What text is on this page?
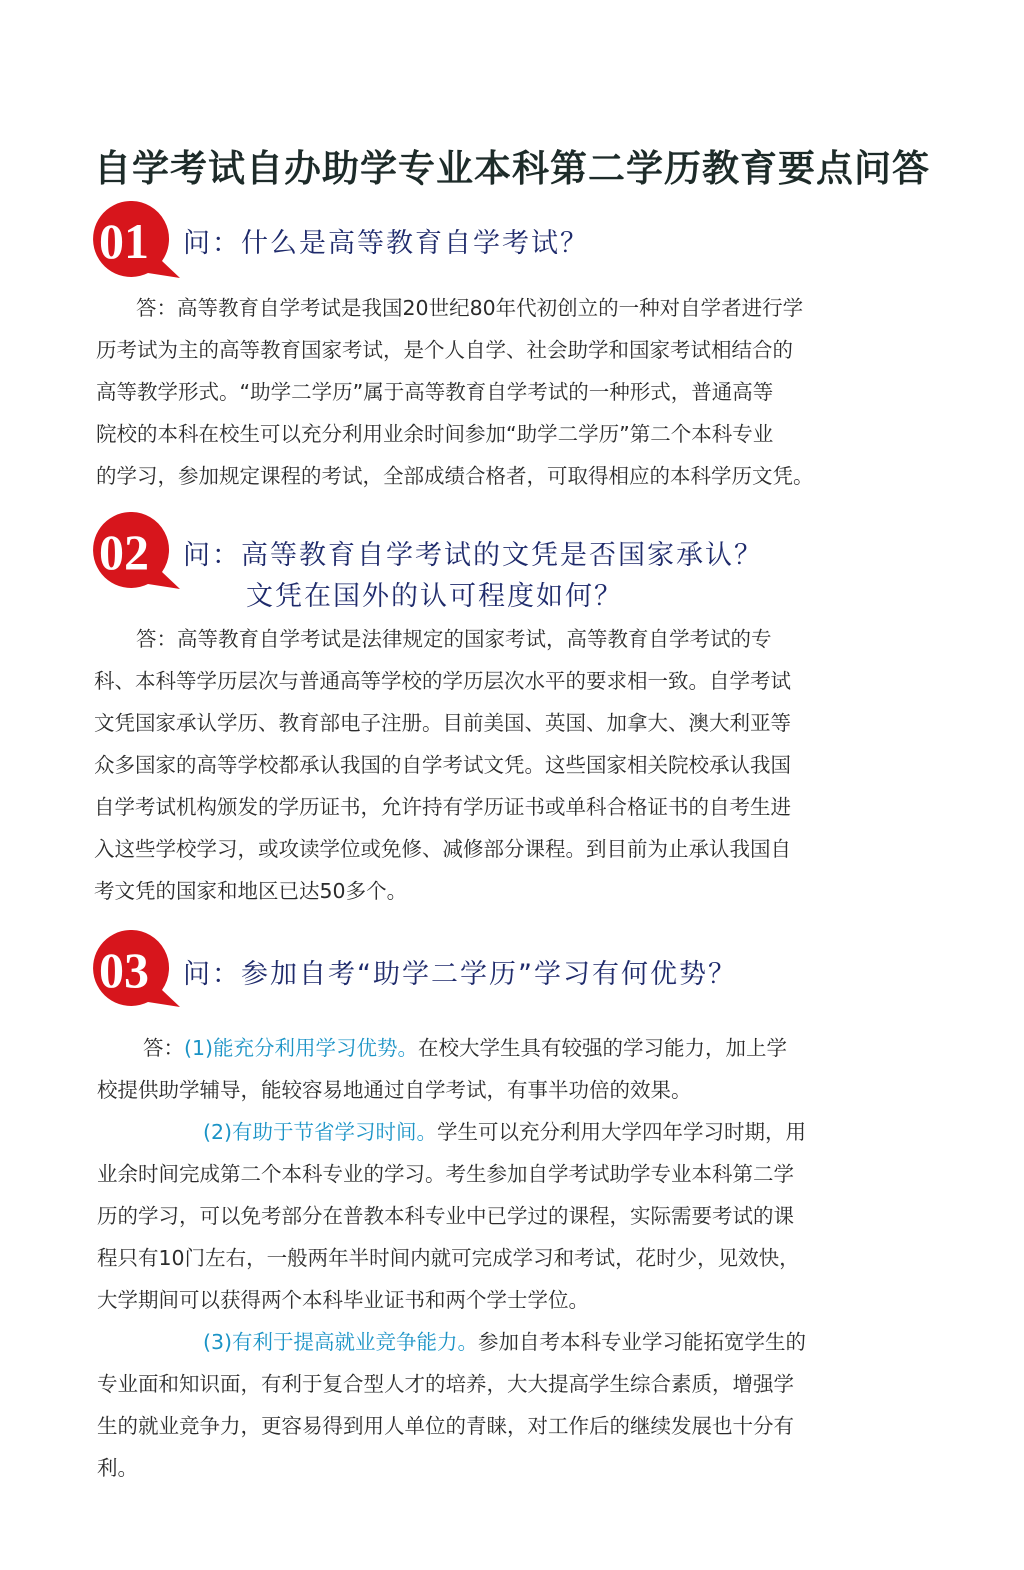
自学考试自办助学专业本科第二学历教育要点问答
01 问：什么是高等教育自学考试？
答：高等教育自学考试是我国20世纪80年代初创立的一种对自学者进行学
历考试为主的高等教育国家考试，是个人自学、社会助学和国家考试相结合的
高等教学形式。“助学二学历”属于高等教育自学考试的一种形式，普通高等
院校的本科在校生可以充分利用业余时间参加“助学二学历”第二个本科专业
的学习，参加规定课程的考试，全部成绩合格者，可取得相应的本科学历文凭。
02 问：高等教育自学考试的文凭是否国家承认？
文凭在国外的认可程度如何？
答：高等教育自学考试是法律规定的国家考试，高等教育自学考试的专
科、本科等学历层次与普通高等学校的学历层次水平的要求相一致。自学考试
文凭国家承认学历、教育部电子注册。目前美国、英国、加拿大、澳大利亚等
众多国家的高等学校都承认我国的自学考试文凭。这些国家相关院校承认我国
自学考试机构颁发的学历证书，允许持有学历证书或单科合格证书的自考生进
入这些学校学习，或攻读学位或免修、减修部分课程。到目前为止承认我国自
考文凭的国家和地区已达50多个。
03 问：参加自考“助学二学历”学习有何优势？
答：(1)能充分利用学习优势。在校大学生具有较强的学习能力，加上学
校提供助学辅导，能较容易地通过自学考试，有事半功倍的效果。
(2)有助于节省学习时间。学生可以充分利用大学四年学习时期，用
业余时间完成第二个本科专业的学习。考生参加自学考试助学专业本科第二学
历的学习，可以免考部分在普教本科专业中已学过的课程，实际需要考试的课
程只有10门左右，一般两年半时间内就可完成学习和考试，花时少，见效快，
大学期间可以获得两个本科毕业证书和两个学士学位。
(3)有利于提高就业竞争能力。参加自考本科专业学习能拓宽学生的
专业面和知识面，有利于复合型人才的培养，大大提高学生综合素质，增强学
生的就业竞争力，更容易得到用人单位的青睐，对工作后的继续发展也十分有
利。
